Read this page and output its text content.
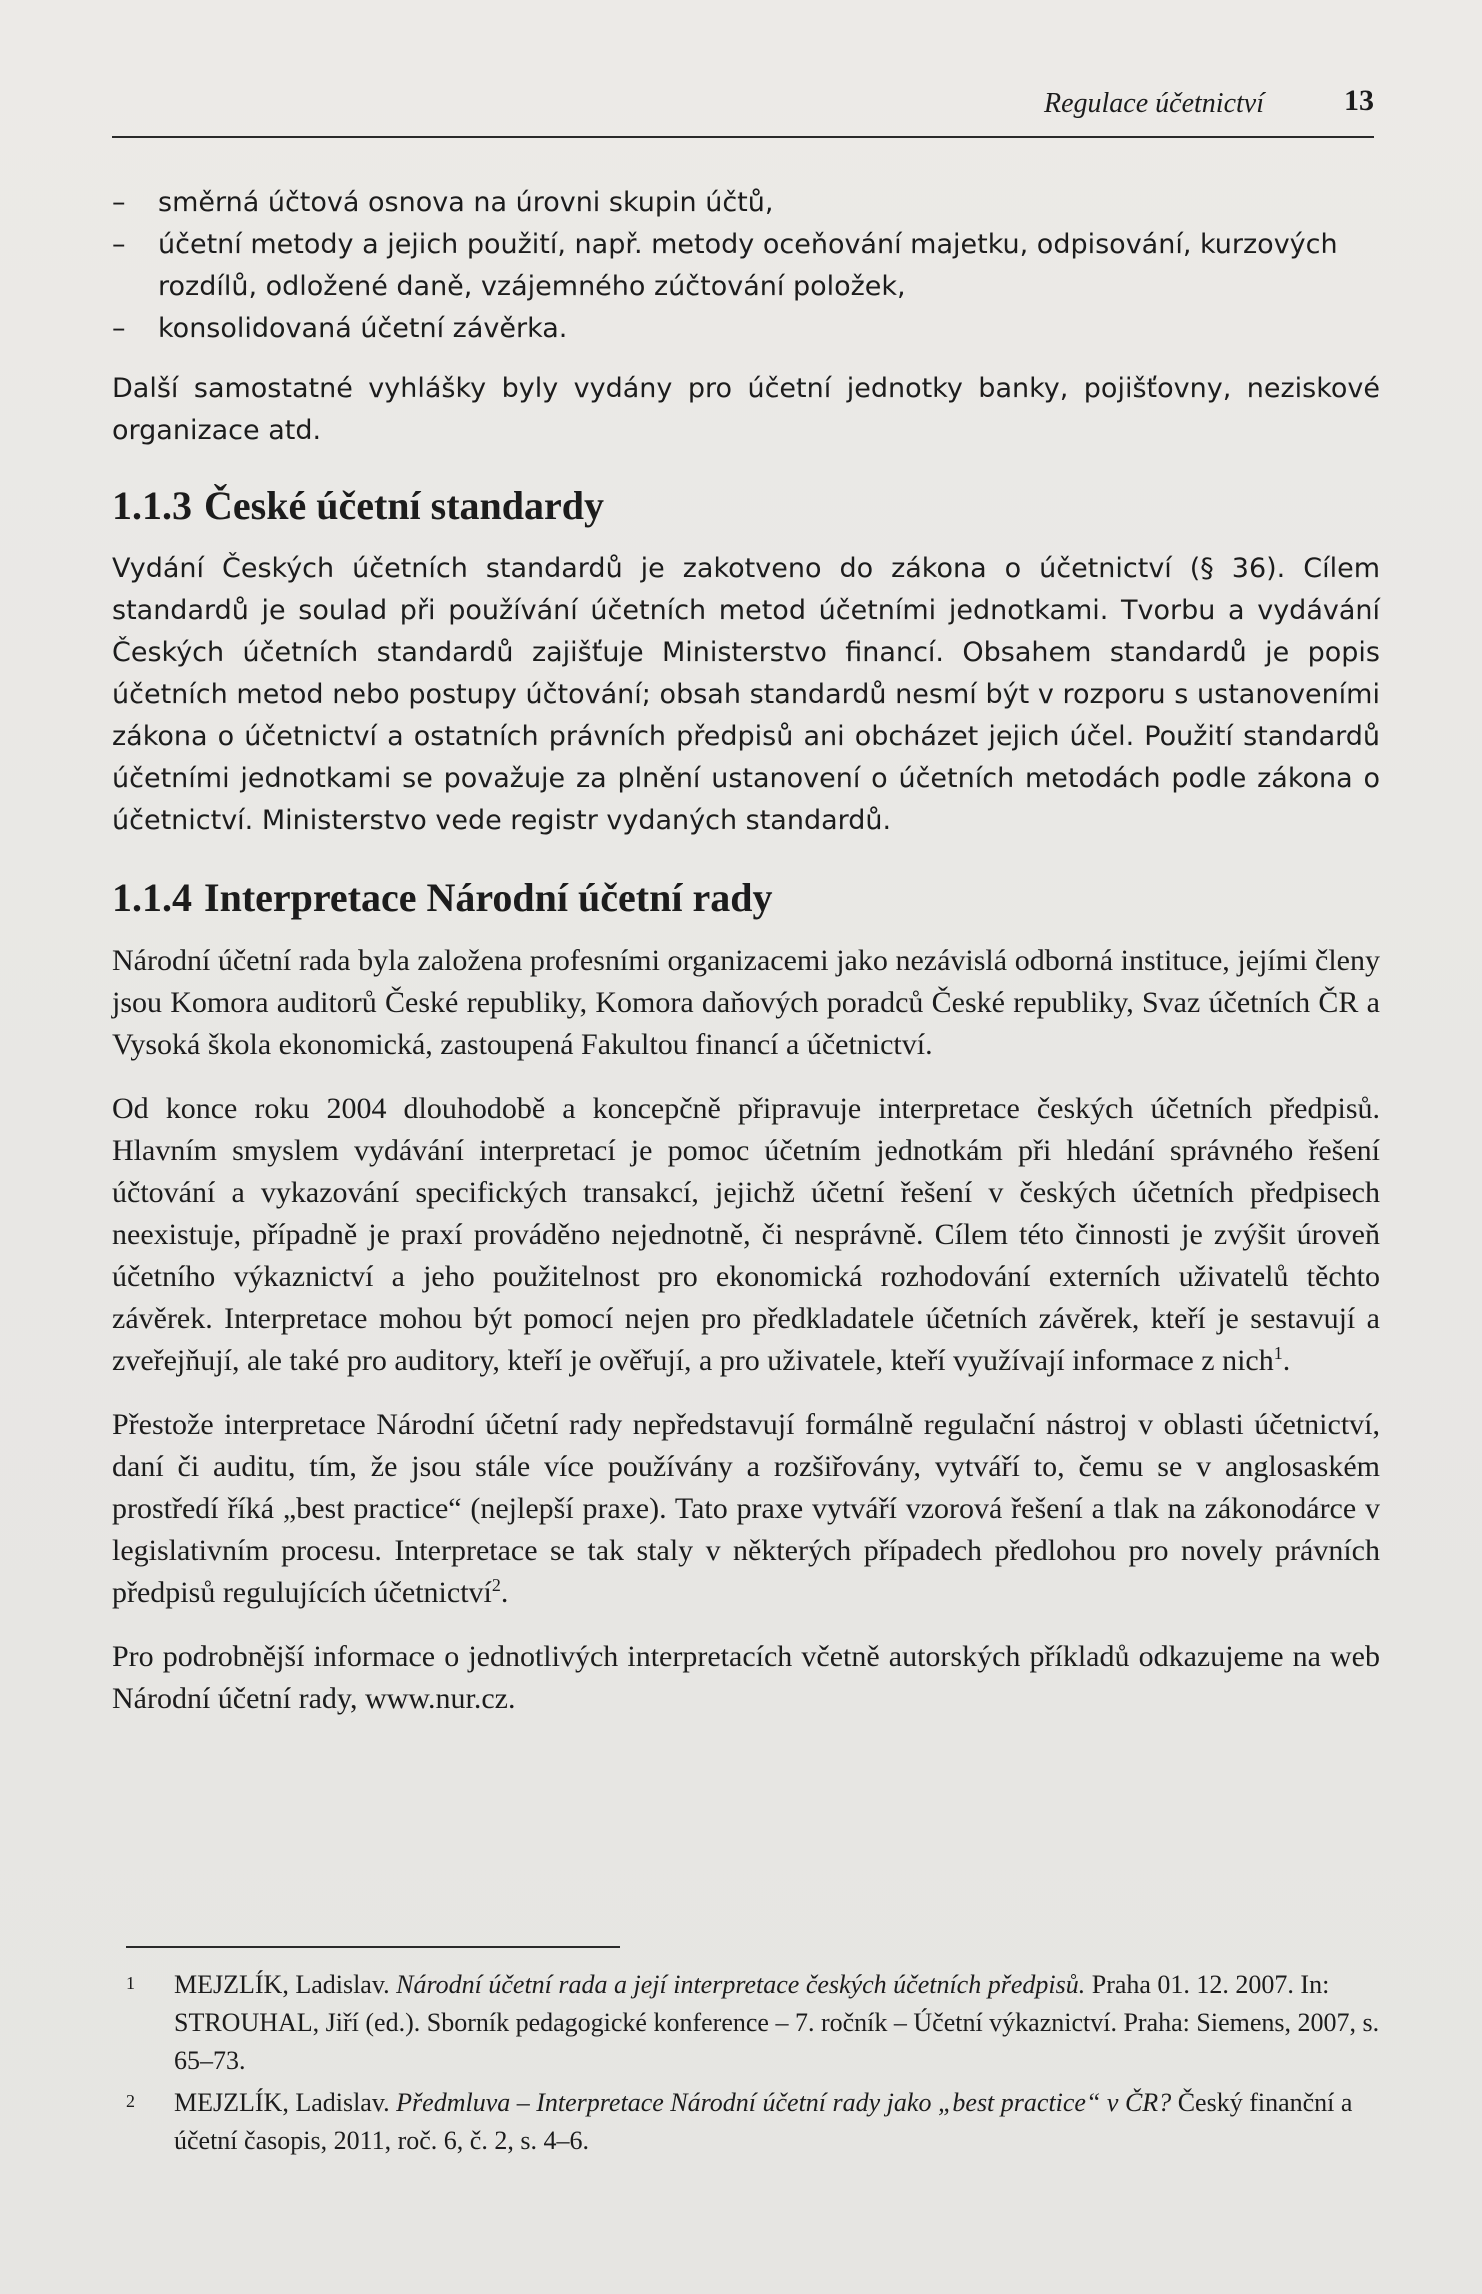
Regulace účetnictví	13
– směrná účtová osnova na úrovni skupin účtů,
– účetní metody a jejich použití, např. metody oceňování majetku, odpisování, kurzových rozdílů, odložené daně, vzájemného zúčtování položek,
– konsolidovaná účetní závěrka.

Další samostatné vyhlášky byly vydány pro účetní jednotky banky, pojišťovny, neziskové organizace atd.

1.1.3 České účetní standardy

Vydání Českých účetních standardů je zakotveno do zákona o účetnictví (§ 36). Cílem standardů je soulad při používání účetních metod účetními jednotkami. Tvorbu a vydávání Českých účetních standardů zajišťuje Ministerstvo financí. Obsahem standardů je popis účetních metod nebo postupy účtování; obsah standardů nesmí být v rozporu s ustanoveními zákona o účetnictví a ostatních právních předpisů ani obcházet jejich účel. Použití standardů účetními jednotkami se považuje za plnění ustanovení o účetních metodách podle zákona o účetnictví. Ministerstvo vede registr vydaných standardů.

1.1.4 Interpretace Národní účetní rady

Národní účetní rada byla založena profesními organizacemi jako nezávislá odborná instituce, jejími členy jsou Komora auditorů České republiky, Komora daňových poradců České republiky, Svaz účetních ČR a Vysoká škola ekonomická, zastoupená Fakultou financí a účetnictví.

Od konce roku 2004 dlouhodobě a koncepčně připravuje interpretace českých účetních předpisů. Hlavním smyslem vydávání interpretací je pomoc účetním jednotkám při hledání správného řešení účtování a vykazování specifických transakcí, jejichž účetní řešení v českých účetních předpisech neexistuje, případně je praxí prováděno nejednotně, či nesprávně. Cílem této činnosti je zvýšit úroveň účetního výkaznictví a jeho použitelnost pro ekonomická rozhodování externích uživatelů těchto závěrek. Interpretace mohou být pomocí nejen pro předkladatele účetních závěrek, kteří je sestavují a zveřejňují, ale také pro auditory, kteří je ověřují, a pro uživatele, kteří využívají informace z nich$^1$.

Přestože interpretace Národní účetní rady nepředstavují formálně regulační nástroj v oblasti účetnictví, daní či auditu, tím, že jsou stále více používány a rozšiřovány, vytváří to, čemu se v anglosaském prostředí říká „best practice“ (nejlepší praxe). Tato praxe vytváří vzorová řešení a tlak na zákonodárce v legislativním procesu. Interpretace se tak staly v některých případech předlohou pro novely právních předpisů regulujících účetnictví$^2$.

Pro podrobnější informace o jednotlivých interpretacích včetně autorských příkladů odkazujeme na web Národní účetní rady, www.nur.cz.

1 MEJZLÍK, Ladislav. Národní účetní rada a její interpretace českých účetních předpisů. Praha 01. 12. 2007. In: STROUHAL, Jiří (ed.). Sborník pedagogické konference – 7. ročník – Účetní výkaznictví. Praha: Siemens, 2007, s. 65–73.
2 MEJZLÍK, Ladislav. Předmluva – Interpretace Národní účetní rady jako „best practice“ v ČR? Český finanční a účetní časopis, 2011, roč. 6, č. 2, s. 4–6.
